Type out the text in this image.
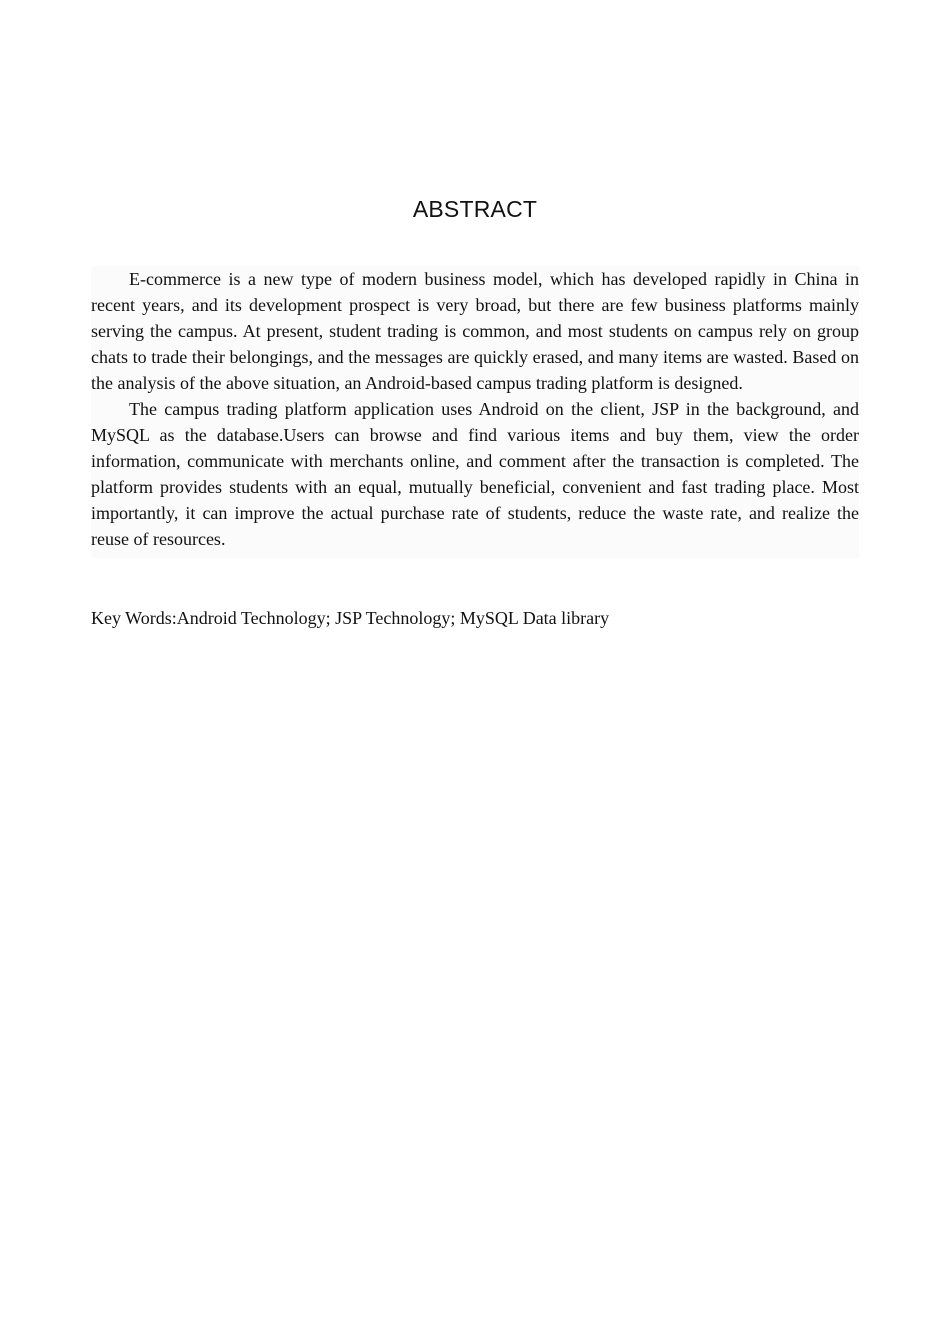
ABSTRACT

E-commerce is a new type of modern business model, which has developed rapidly in China in recent years, and its development prospect is very broad, but there are few business platforms mainly serving the campus. At present, student trading is common, and most students on campus rely on group chats to trade their belongings, and the messages are quickly erased, and many items are wasted. Based on the analysis of the above situation, an Android-based campus trading platform is designed.

The campus trading platform application uses Android on the client, JSP in the background, and MySQL as the database.Users can browse and find various items and buy them, view the order information, communicate with merchants online, and comment after the transaction is completed. The platform provides students with an equal, mutually beneficial, convenient and fast trading place. Most importantly, it can improve the actual purchase rate of students, reduce the waste rate, and realize the reuse of resources.

Key Words:Android Technology; JSP Technology; MySQL Data library
